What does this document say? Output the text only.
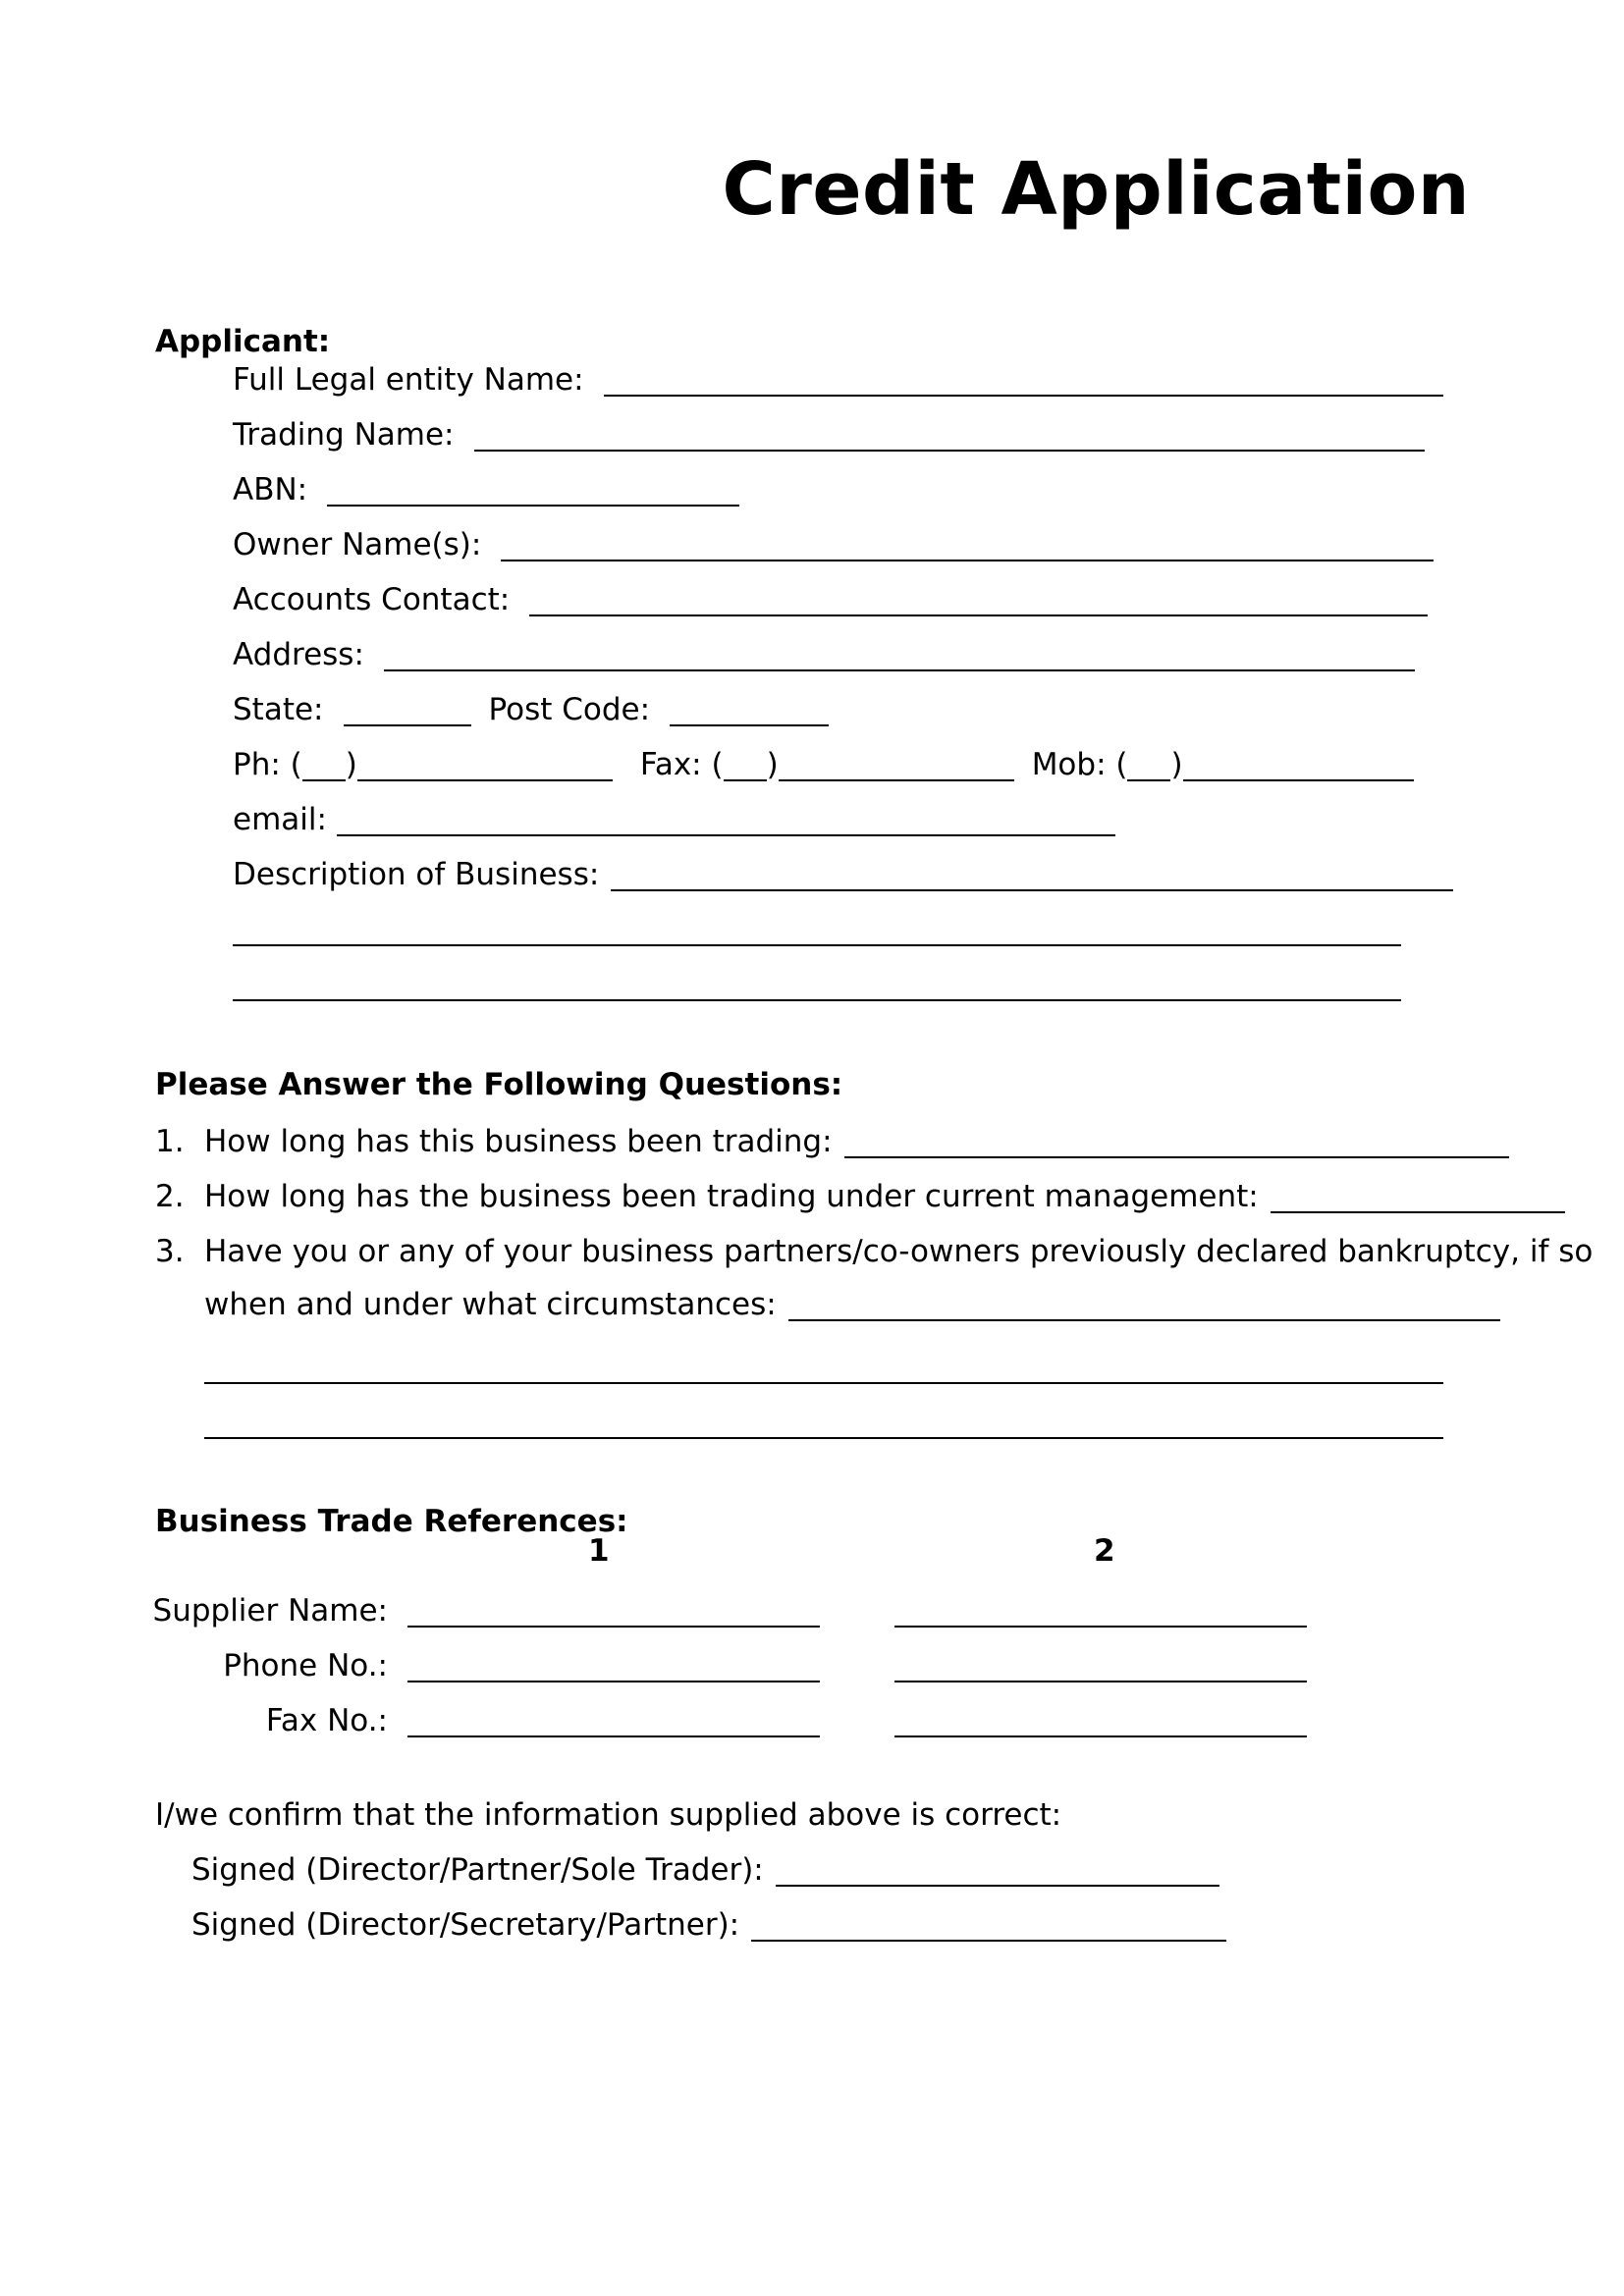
Credit Application
Applicant:
Full Legal entity Name:
Trading Name:
ABN:
Owner Name(s):
Accounts Contact:
Address:
State:	Post Code:
Ph: ( )	Fax: ( )	Mob: ( )
email:
Description of Business:
Please Answer the Following Questions:
1. How long has this business been trading:
2. How long has the business been trading under current management:
3. Have you or any of your business partners/co-owners previously declared bankruptcy, if so
when and under what circumstances:
Business Trade References:
1	2
Supplier Name:
Phone No.:
Fax No.:
I/we confirm that the information supplied above is correct:
Signed (Director/Partner/Sole Trader):
Signed (Director/Secretary/Partner):
